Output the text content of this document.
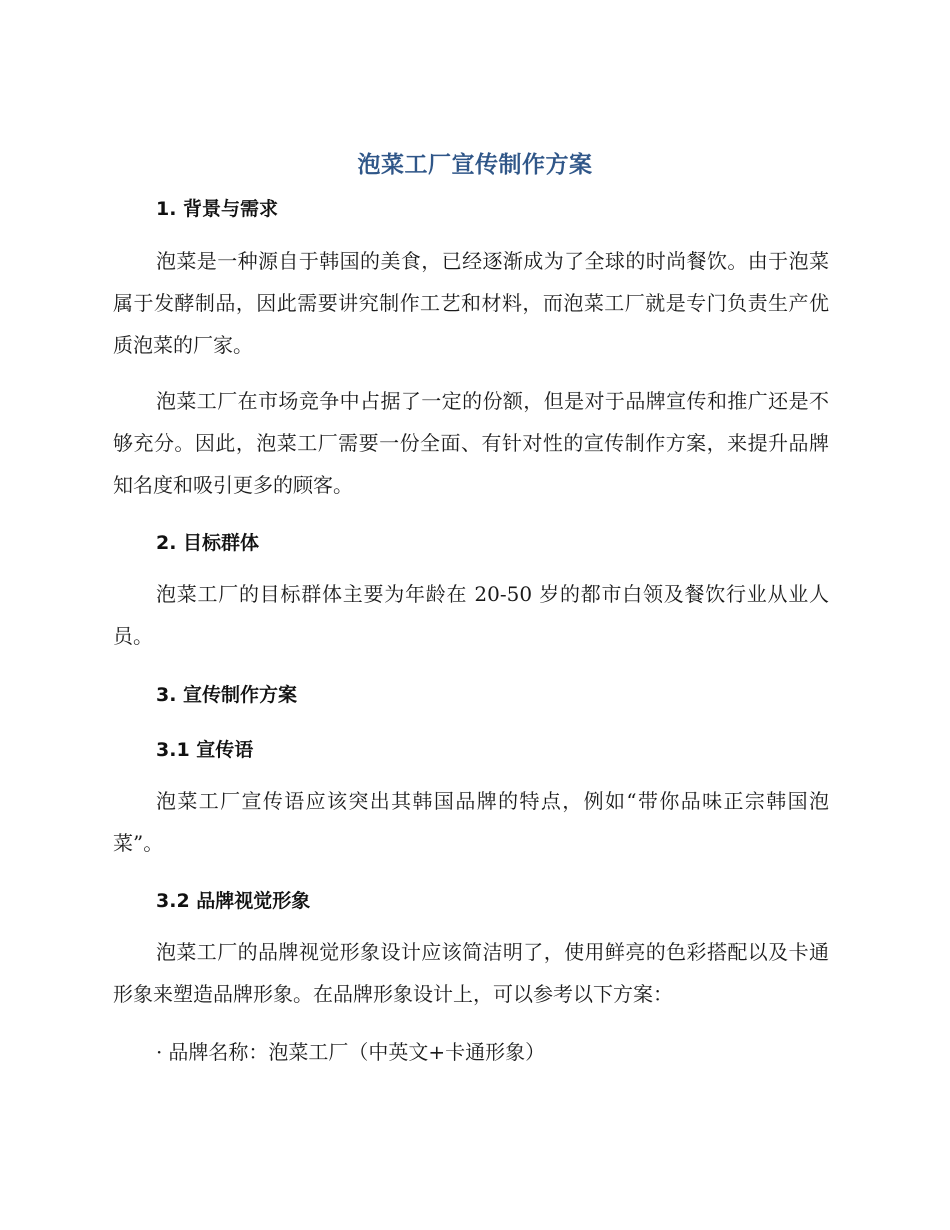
泡菜工厂宣传制作方案
1. 背景与需求

泡菜是一种源自于韩国的美食，已经逐渐成为了全球的时尚餐饮。由于泡菜属于发酵制品，因此需要讲究制作工艺和材料，而泡菜工厂就是专门负责生产优质泡菜的厂家。

泡菜工厂在市场竞争中占据了一定的份额，但是对于品牌宣传和推广还是不够充分。因此，泡菜工厂需要一份全面、有针对性的宣传制作方案，来提升品牌知名度和吸引更多的顾客。

2. 目标群体

泡菜工厂的目标群体主要为年龄在 20-50 岁的都市白领及餐饮行业从业人员。

3. 宣传制作方案
3.1 宣传语

泡菜工厂宣传语应该突出其韩国品牌的特点，例如“带你品味正宗韩国泡菜”。

3.2 品牌视觉形象

泡菜工厂的品牌视觉形象设计应该简洁明了，使用鲜亮的色彩搭配以及卡通形象来塑造品牌形象。在品牌形象设计上，可以参考以下方案：

· 品牌名称：泡菜工厂（中英文+卡通形象）
